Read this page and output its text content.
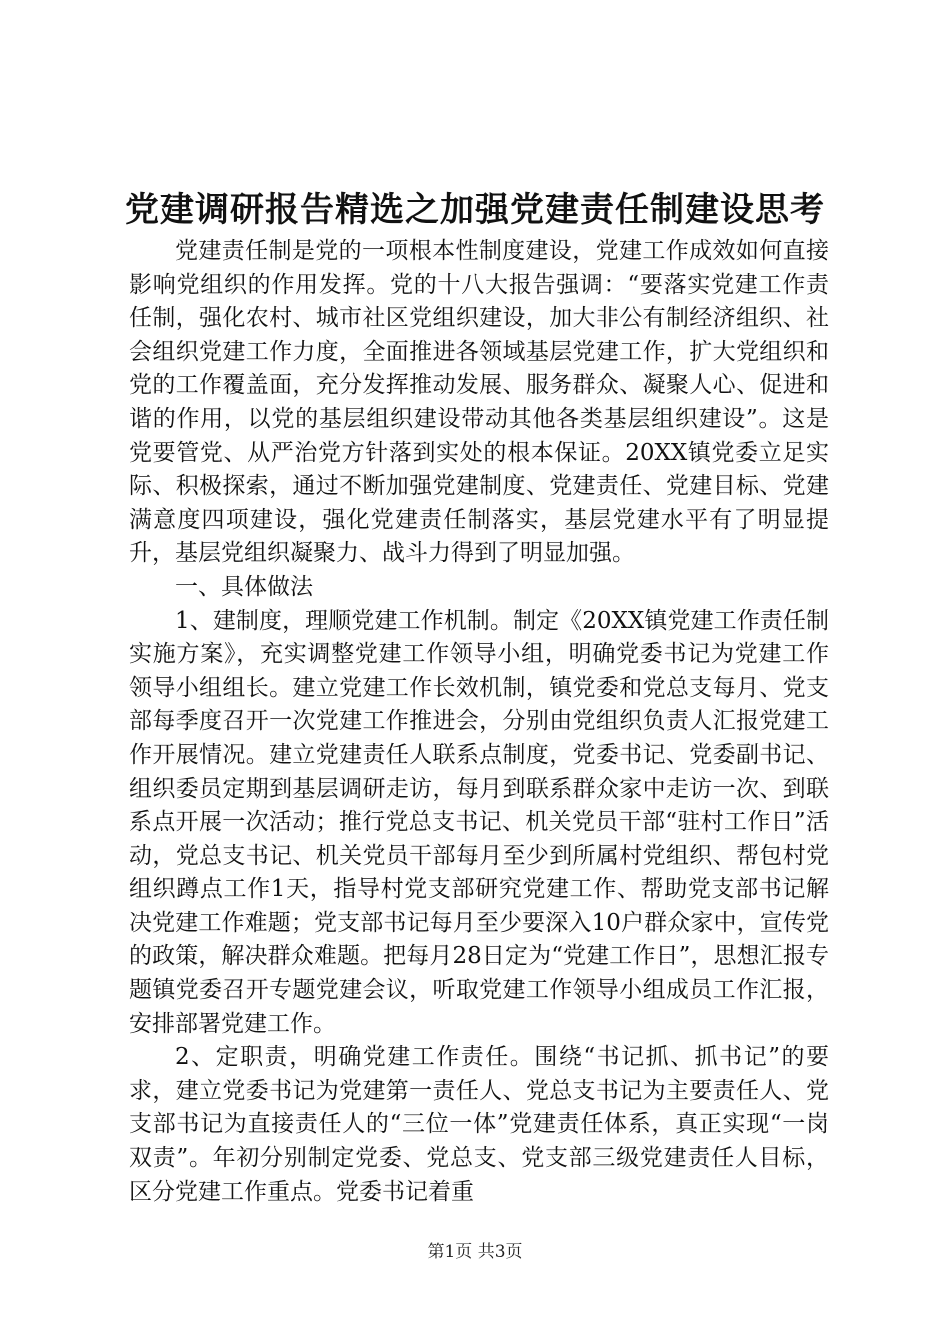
党建调研报告精选之加强党建责任制建设思考

党建责任制是党的一项根本性制度建设，党建工作成效如何直接影响党组织的作用发挥。党的十八大报告强调：“要落实党建工作责任制，强化农村、城市社区党组织建设，加大非公有制经济组织、社会组织党建工作力度，全面推进各领域基层党建工作，扩大党组织和党的工作覆盖面，充分发挥推动发展、服务群众、凝聚人心、促进和谐的作用，以党的基层组织建设带动其他各类基层组织建设”。这是党要管党、从严治党方针落到实处的根本保证。20XX镇党委立足实际、积极探索，通过不断加强党建制度、党建责任、党建目标、党建满意度四项建设，强化党建责任制落实，基层党建水平有了明显提升，基层党组织凝聚力、战斗力得到了明显加强。

一、具体做法

1、建制度，理顺党建工作机制。制定《20XX镇党建工作责任制实施方案》，充实调整党建工作领导小组，明确党委书记为党建工作领导小组组长。建立党建工作长效机制，镇党委和党总支每月、党支部每季度召开一次党建工作推进会，分别由党组织负责人汇报党建工作开展情况。建立党建责任人联系点制度，党委书记、党委副书记、组织委员定期到基层调研走访，每月到联系群众家中走访一次、到联系点开展一次活动；推行党总支书记、机关党员干部“驻村工作日”活动，党总支书记、机关党员干部每月至少到所属村党组织、帮包村党组织蹲点工作1天，指导村党支部研究党建工作、帮助党支部书记解决党建工作难题；党支部书记每月至少要深入10户群众家中，宣传党的政策，解决群众难题。把每月28日定为“党建工作日”，思想汇报专题镇党委召开专题党建会议，听取党建工作领导小组成员工作汇报，安排部署党建工作。

2、定职责，明确党建工作责任。围绕“书记抓、抓书记”的要求，建立党委书记为党建第一责任人、党总支书记为主要责任人、党支部书记为直接责任人的“三位一体”党建责任体系，真正实现“一岗双责”。年初分别制定党委、党总支、党支部三级党建责任人目标，区分党建工作重点。党委书记着重

第1页 共3页
